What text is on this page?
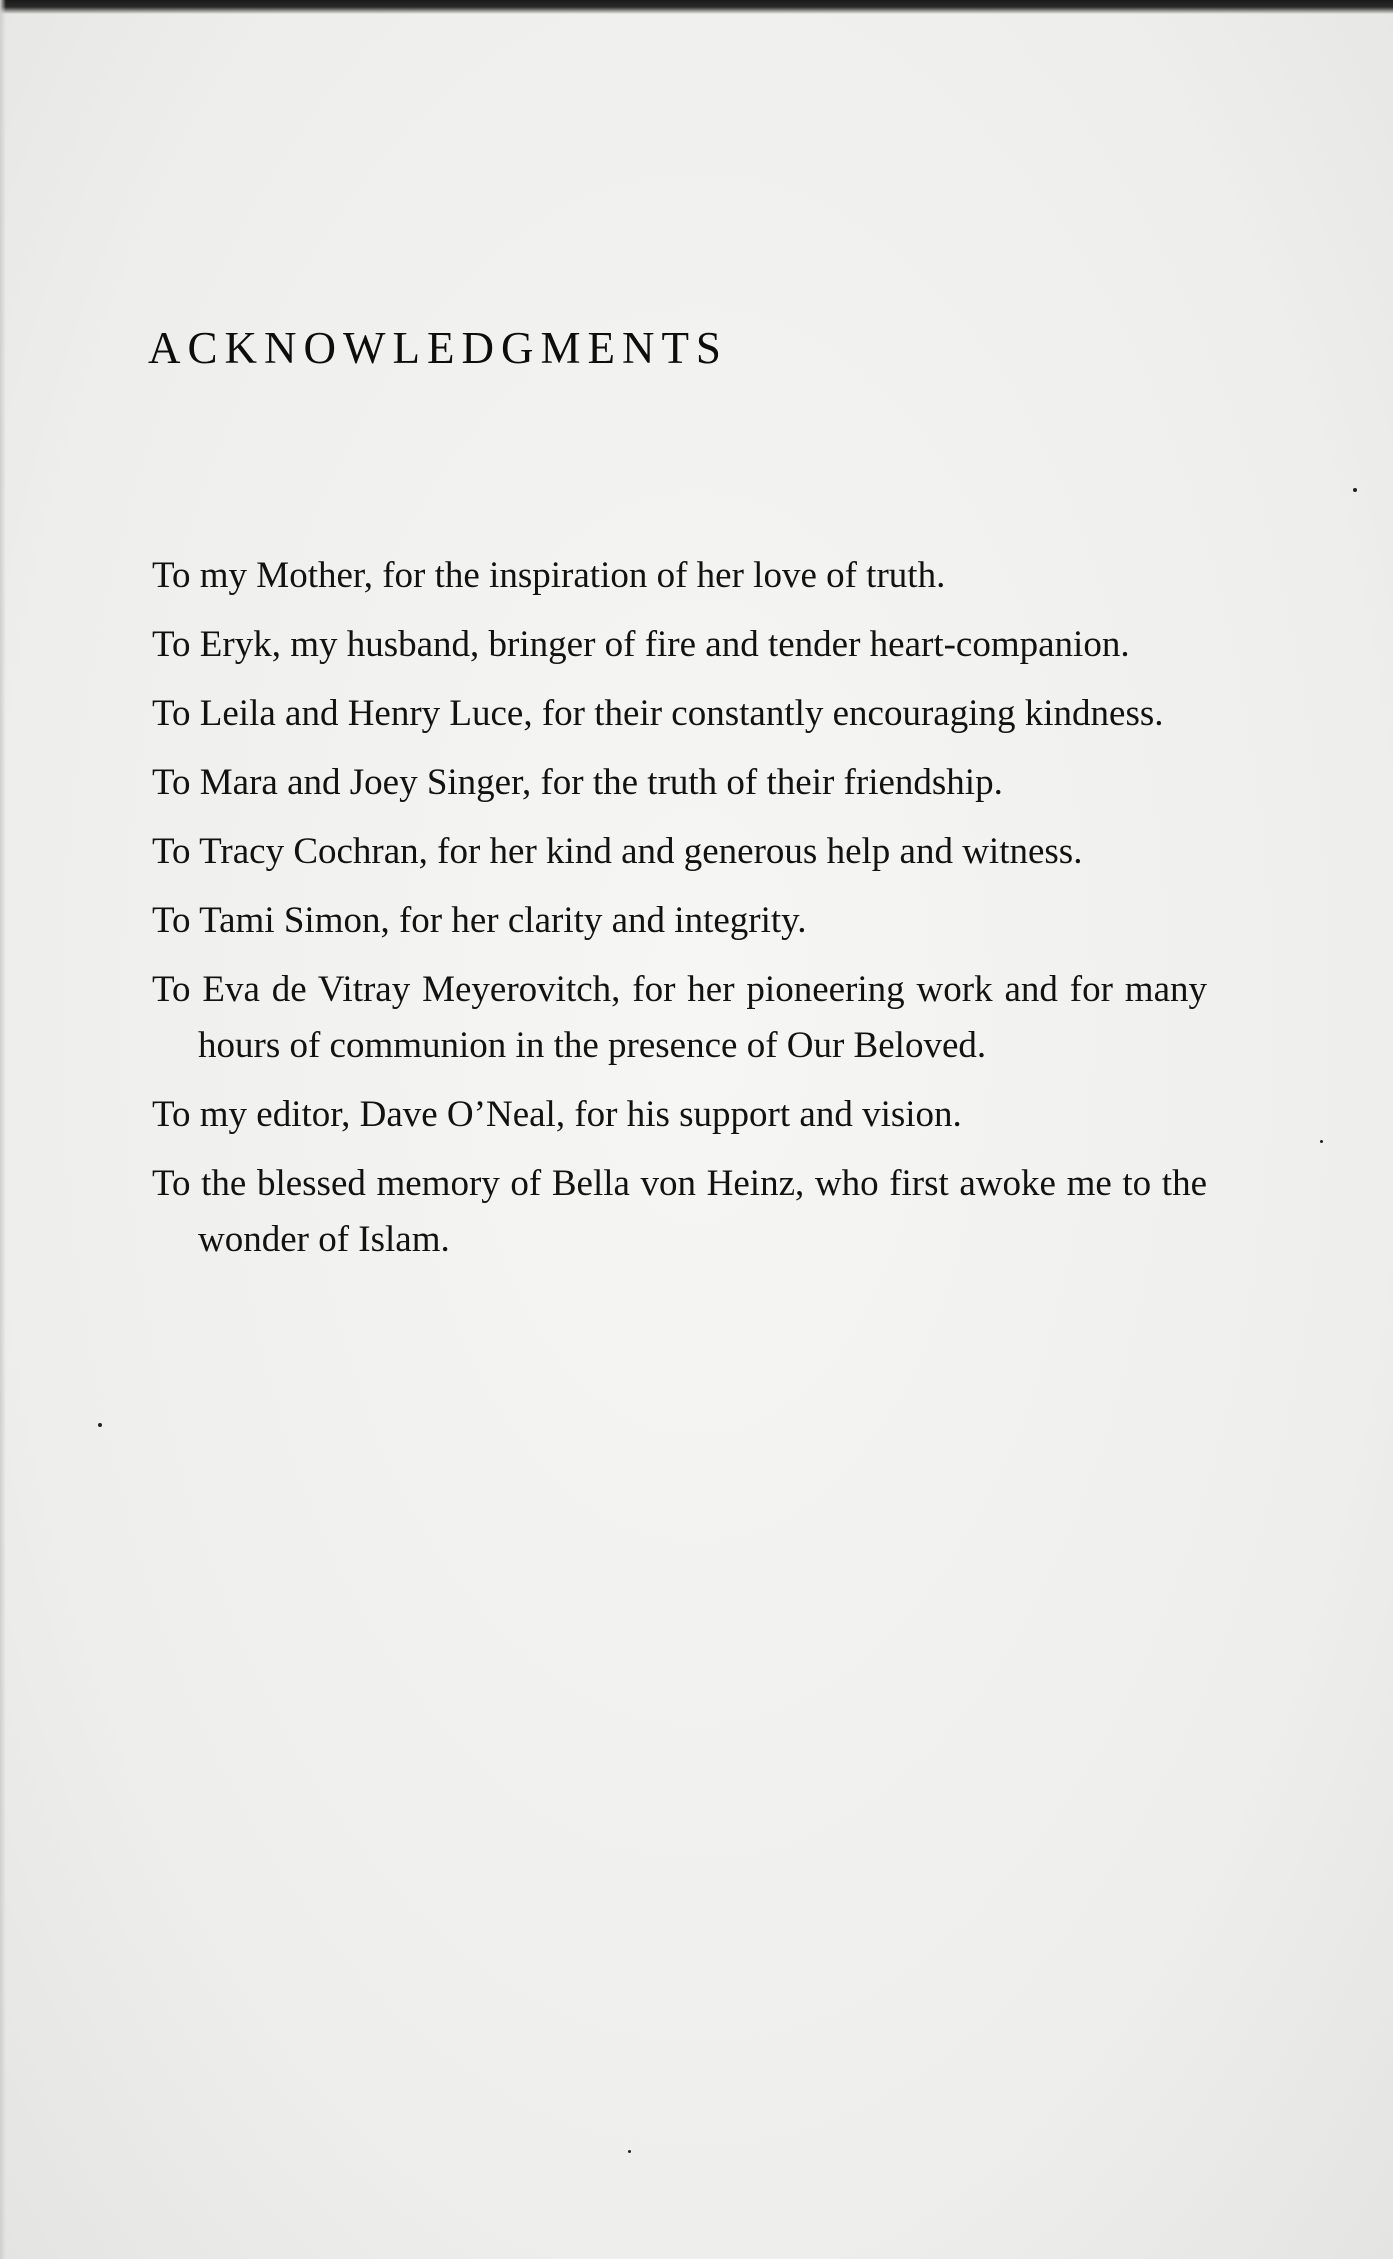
ACKNOWLEDGMENTS
To my Mother, for the inspiration of her love of truth.
To Eryk, my husband, bringer of fire and tender heart-companion.
To Leila and Henry Luce, for their constantly encouraging kindness.
To Mara and Joey Singer, for the truth of their friendship.
To Tracy Cochran, for her kind and generous help and witness.
To Tami Simon, for her clarity and integrity.
To Eva de Vitray Meyerovitch, for her pioneering work and for many hours of communion in the presence of Our Beloved.
To my editor, Dave O’Neal, for his support and vision.
To the blessed memory of Bella von Heinz, who first awoke me to the wonder of Islam.
